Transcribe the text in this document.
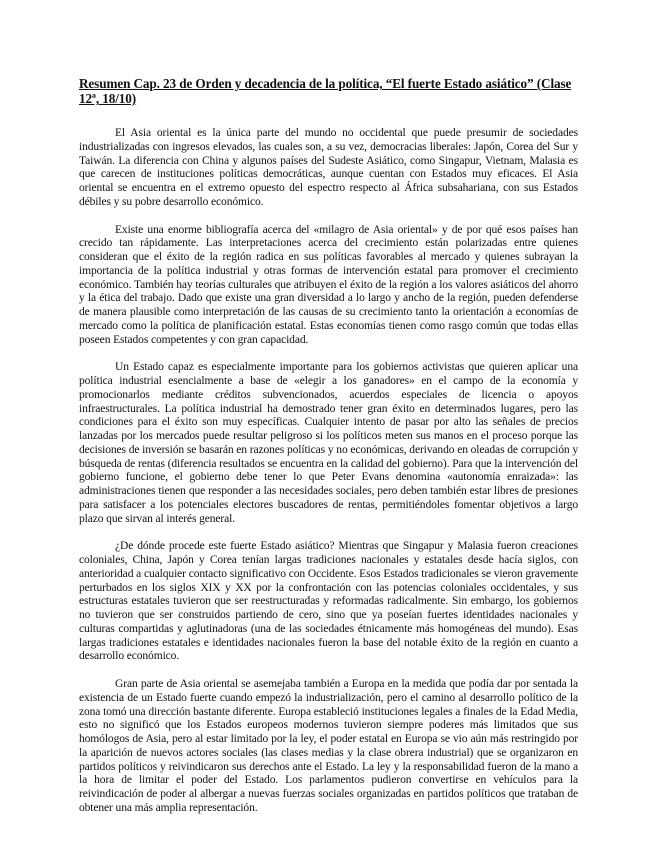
Resumen Cap. 23 de Orden y decadencia de la política, “El fuerte Estado asiático” (Clase 12ª, 18/10)

El Asia oriental es la única parte del mundo no occidental que puede presumir de sociedades industrializadas con ingresos elevados, las cuales son, a su vez, democracias liberales: Japón, Corea del Sur y Taiwán. La diferencia con China y algunos países del Sudeste Asiático, como Singapur, Vietnam, Malasia es que carecen de instituciones políticas democráticas, aunque cuentan con Estados muy eficaces. El Asia oriental se encuentra en el extremo opuesto del espectro respecto al África subsahariana, con sus Estados débiles y su pobre desarrollo económico.

Existe una enorme bibliografía acerca del «milagro de Asia oriental» y de por qué esos países han crecido tan rápidamente. Las interpretaciones acerca del crecimiento están polarizadas entre quienes consideran que el éxito de la región radica en sus políticas favorables al mercado y quienes subrayan la importancia de la política industrial y otras formas de intervención estatal para promover el crecimiento económico. También hay teorías culturales que atribuyen el éxito de la región a los valores asiáticos del ahorro y la ética del trabajo. Dado que existe una gran diversidad a lo largo y ancho de la región, pueden defenderse de manera plausible como interpretación de las causas de su crecimiento tanto la orientación a economías de mercado como la política de planificación estatal. Estas economías tienen como rasgo común que todas ellas poseen Estados competentes y con gran capacidad.

Un Estado capaz es especialmente importante para los gobiernos activistas que quieren aplicar una política industrial esencialmente a base de «elegir a los ganadores» en el campo de la economía y promocionarlos mediante créditos subvencionados, acuerdos especiales de licencia o apoyos infraestructurales. La política industrial ha demostrado tener gran éxito en determinados lugares, pero las condiciones para el éxito son muy específicas. Cualquier intento de pasar por alto las señales de precios lanzadas por los mercados puede resultar peligroso si los políticos meten sus manos en el proceso porque las decisiones de inversión se basarán en razones políticas y no económicas, derivando en oleadas de corrupción y búsqueda de rentas (diferencia resultados se encuentra en la calidad del gobierno). Para que la intervención del gobierno funcione, el gobierno debe tener lo que Peter Evans denomina «autonomía enraizada»: las administraciones tienen que responder a las necesidades sociales, pero deben también estar libres de presiones para satisfacer a los potenciales electores buscadores de rentas, permitiéndoles fomentar objetivos a largo plazo que sirvan al interés general.

¿De dónde procede este fuerte Estado asiático? Mientras que Singapur y Malasia fueron creaciones coloniales, China, Japón y Corea tenían largas tradiciones nacionales y estatales desde hacía siglos, con anterioridad a cualquier contacto significativo con Occidente. Esos Estados tradicionales se vieron gravemente perturbados en los siglos XIX y XX por la confrontación con las potencias coloniales occidentales, y sus estructuras estatales tuvieron que ser reestructuradas y reformadas radicalmente. Sin embargo, los gobiernos no tuvieron que ser construidos partiendo de cero, sino que ya poseían fuertes identidades nacionales y culturas compartidas y aglutinadoras (una de las sociedades étnicamente más homogéneas del mundo). Esas largas tradiciones estatales e identidades nacionales fueron la base del notable éxito de la región en cuanto a desarrollo económico.

Gran parte de Asia oriental se asemejaba también a Europa en la medida que podía dar por sentada la existencia de un Estado fuerte cuando empezó la industrialización, pero el camino al desarrollo político de la zona tomó una dirección bastante diferente. Europa estableció instituciones legales a finales de la Edad Media, esto no significó que los Estados europeos modernos tuvieron siempre poderes más limitados que sus homólogos de Asia, pero al estar limitado por la ley, el poder estatal en Europa se vio aún más restringido por la aparición de nuevos actores sociales (las clases medias y la clase obrera industrial) que se organizaron en partidos políticos y reivindicaron sus derechos ante el Estado. La ley y la responsabilidad fueron de la mano a la hora de limitar el poder del Estado. Los parlamentos pudieron convertirse en vehículos para la reivindicación de poder al albergar a nuevas fuerzas sociales organizadas en partidos políticos que trataban de obtener una más amplia representación.
